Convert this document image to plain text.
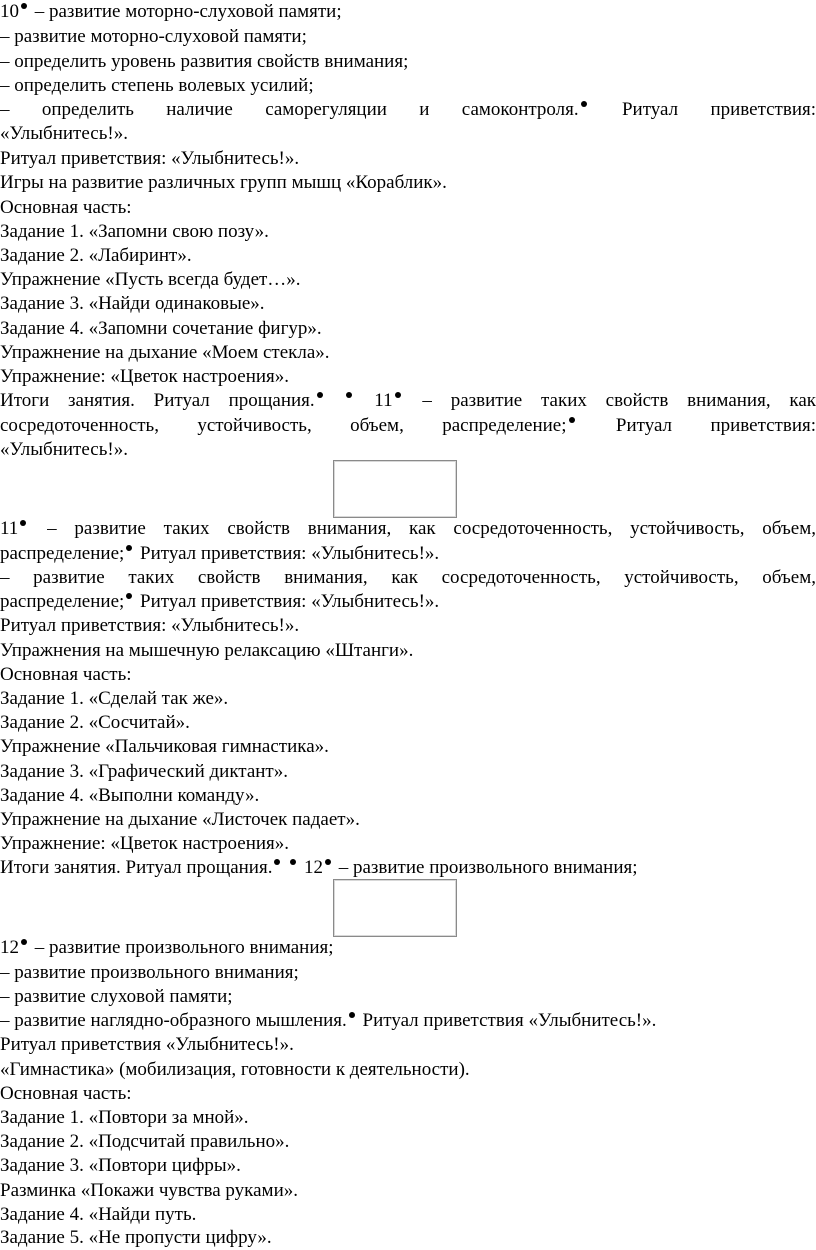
10 – развитие моторно-слуховой памяти;
– развитие моторно-слуховой памяти;
– определить уровень развития свойств внимания;
– определить степень волевых усилий;
– определить наличие саморегуляции и самоконтроля. Ритуал приветствия:
«Улыбнитесь!».
Ритуал приветствия: «Улыбнитесь!».
Игры на развитие различных групп мышц «Кораблик».
Основная часть:
Задание 1. «Запомни свою позу».
Задание 2. «Лабиринт».
Упражнение «Пусть всегда будет…».
Задание 3. «Найди одинаковые».
Задание 4. «Запомни сочетание фигур».
Упражнение на дыхание «Моем стекла».
Упражнение: «Цветок настроения».
Итоги занятия. Ритуал прощания.	11 – развитие таких свойств внимания, как
сосредоточенность, устойчивость, объем, распределение;	Ритуал приветствия:
«Улыбнитесь!».
11 – развитие таких свойств внимания, как сосредоточенность, устойчивость, объем,
распределение; Ритуал приветствия: «Улыбнитесь!».
– развитие таких свойств внимания, как сосредоточенность, устойчивость, объем,
распределение; Ритуал приветствия: «Улыбнитесь!».
Ритуал приветствия: «Улыбнитесь!».
Упражнения на мышечную релаксацию «Штанги».
Основная часть:
Задание 1. «Сделай так же».
Задание 2. «Сосчитай».
Упражнение «Пальчиковая гимнастика».
Задание 3. «Графический диктант».
Задание 4. «Выполни команду».
Упражнение на дыхание «Листочек падает».
Упражнение: «Цветок настроения».
Итоги занятия. Ритуал прощания. 12 – развитие произвольного внимания;
12 – развитие произвольного внимания;
– развитие произвольного внимания;
– развитие слуховой памяти;
– развитие наглядно-образного мышления. Ритуал приветствия «Улыбнитесь!».
Ритуал приветствия «Улыбнитесь!».
«Гимнастика» (мобилизация, готовности к деятельности).
Основная часть:
Задание 1. «Повтори за мной».
Задание 2. «Подсчитай правильно».
Задание 3. «Повтори цифры».
Разминка «Покажи чувства руками».
Задание 4. «Найди путь.
Задание 5. «Не пропусти цифру».
